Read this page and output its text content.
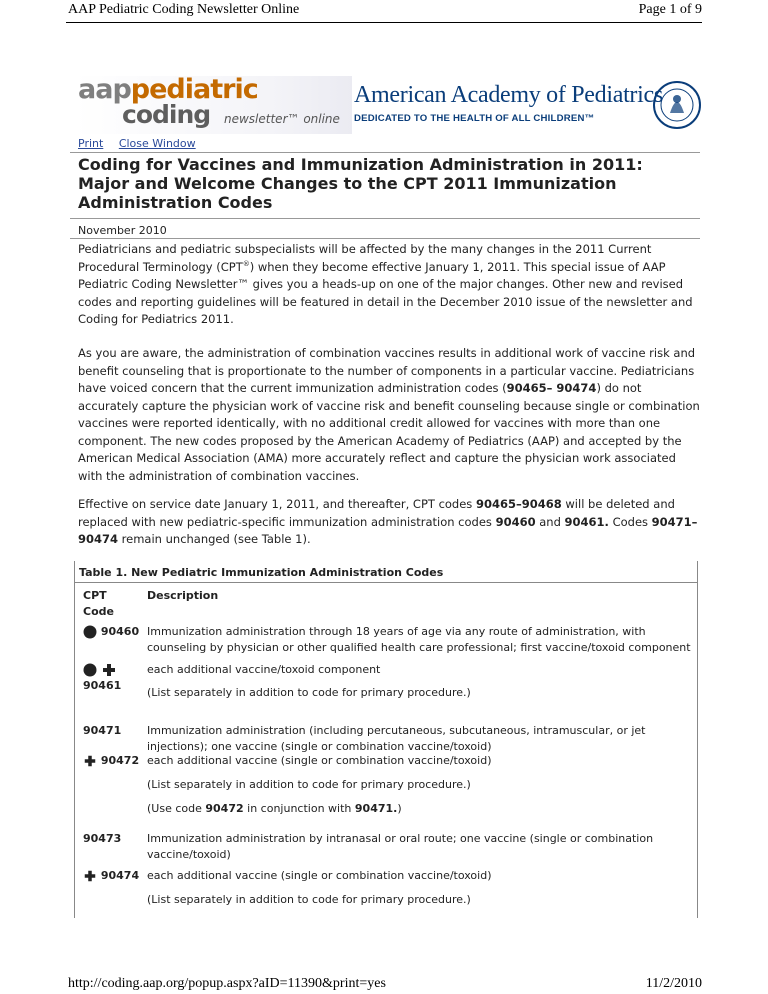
AAP Pediatric Coding Newsletter Online	Page 1 of 9
aappediatric
coding newsletter™ online
American Academy of Pediatrics
DEDICATED TO THE HEALTH OF ALL CHILDREN™
Print Close Window
Coding for Vaccines and Immunization Administration in 2011: Major and Welcome Changes to the CPT 2011 Immunization Administration Codes
November 2010
Pediatricians and pediatric subspecialists will be affected by the many changes in the 2011 Current Procedural Terminology (CPT®) when they become effective January 1, 2011. This special issue of AAP Pediatric Coding Newsletter™ gives you a heads-up on one of the major changes. Other new and revised codes and reporting guidelines will be featured in detail in the December 2010 issue of the newsletter and Coding for Pediatrics 2011.
As you are aware, the administration of combination vaccines results in additional work of vaccine risk and benefit counseling that is proportionate to the number of components in a particular vaccine. Pediatricians have voiced concern that the current immunization administration codes (90465– 90474) do not accurately capture the physician work of vaccine risk and benefit counseling because single or combination vaccines were reported identically, with no additional credit allowed for vaccines with more than one component. The new codes proposed by the American Academy of Pediatrics (AAP) and accepted by the American Medical Association (AMA) more accurately reflect and capture the physician work associated with the administration of combination vaccines.
Effective on service date January 1, 2011, and thereafter, CPT codes 90465–90468 will be deleted and replaced with new pediatric-specific immunization administration codes 90460 and 90461. Codes 90471–90474 remain unchanged (see Table 1).
Table 1. New Pediatric Immunization Administration Codes
CPT Code
Description
90460 Immunization administration through 18 years of age via any route of administration, with counseling by physician or other qualified health care professional; first vaccine/toxoid component

90461
each additional vaccine/toxoid component
(List separately in addition to code for primary procedure.)
90471 Immunization administration (including percutaneous, subcutaneous, intramuscular, or jet injections); one vaccine (single or combination vaccine/toxoid)
90472 each additional vaccine (single or combination vaccine/toxoid)
(List separately in addition to code for primary procedure.)
(Use code 90472 in conjunction with 90471.)
90473 Immunization administration by intranasal or oral route; one vaccine (single or combination vaccine/toxoid)
90474 each additional vaccine (single or combination vaccine/toxoid)
(List separately in addition to code for primary procedure.)
http://coding.aap.org/popup.aspx?aID=11390&print=yes	11/2/2010
